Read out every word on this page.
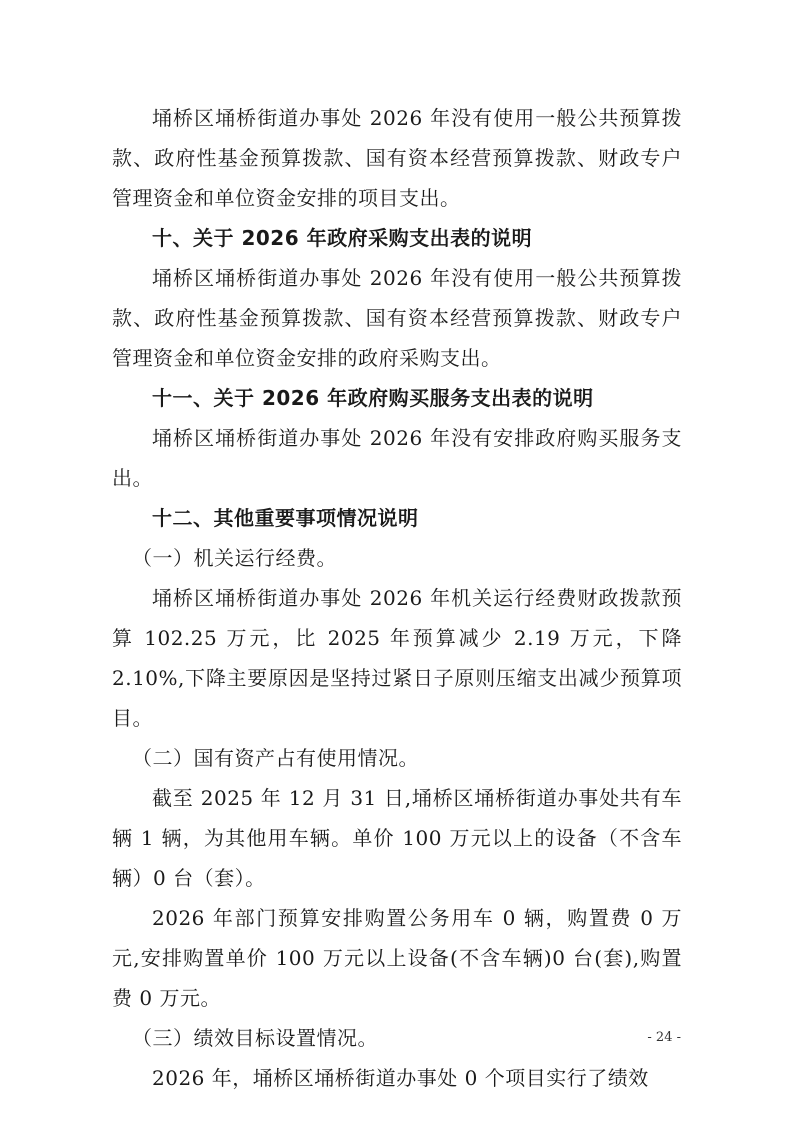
埇桥区埇桥街道办事处 2026 年没有使用一般公共预算拨款、政府性基金预算拨款、国有资本经营预算拨款、财政专户管理资金和单位资金安排的项目支出。

十、关于 2026 年政府采购支出表的说明

埇桥区埇桥街道办事处 2026 年没有使用一般公共预算拨款、政府性基金预算拨款、国有资本经营预算拨款、财政专户管理资金和单位资金安排的政府采购支出。

十一、关于 2026 年政府购买服务支出表的说明

埇桥区埇桥街道办事处 2026 年没有安排政府购买服务支出。

十二、其他重要事项情况说明

（一）机关运行经费。

埇桥区埇桥街道办事处 2026 年机关运行经费财政拨款预算 102.25 万元，比 2025 年预算减少 2.19 万元，下降 2.10%,下降主要原因是坚持过紧日子原则压缩支出减少预算项目。

（二）国有资产占有使用情况。

截至 2025 年 12 月 31 日,埇桥区埇桥街道办事处共有车辆 1 辆，为其他用车辆。单价 100 万元以上的设备（不含车辆）0 台（套）。

2026 年部门预算安排购置公务用车 0 辆，购置费 0 万元,安排购置单价 100 万元以上设备(不含车辆)0 台(套),购置费 0 万元。

（三）绩效目标设置情况。

2026 年，埇桥区埇桥街道办事处 0 个项目实行了绩效

- 24 -
